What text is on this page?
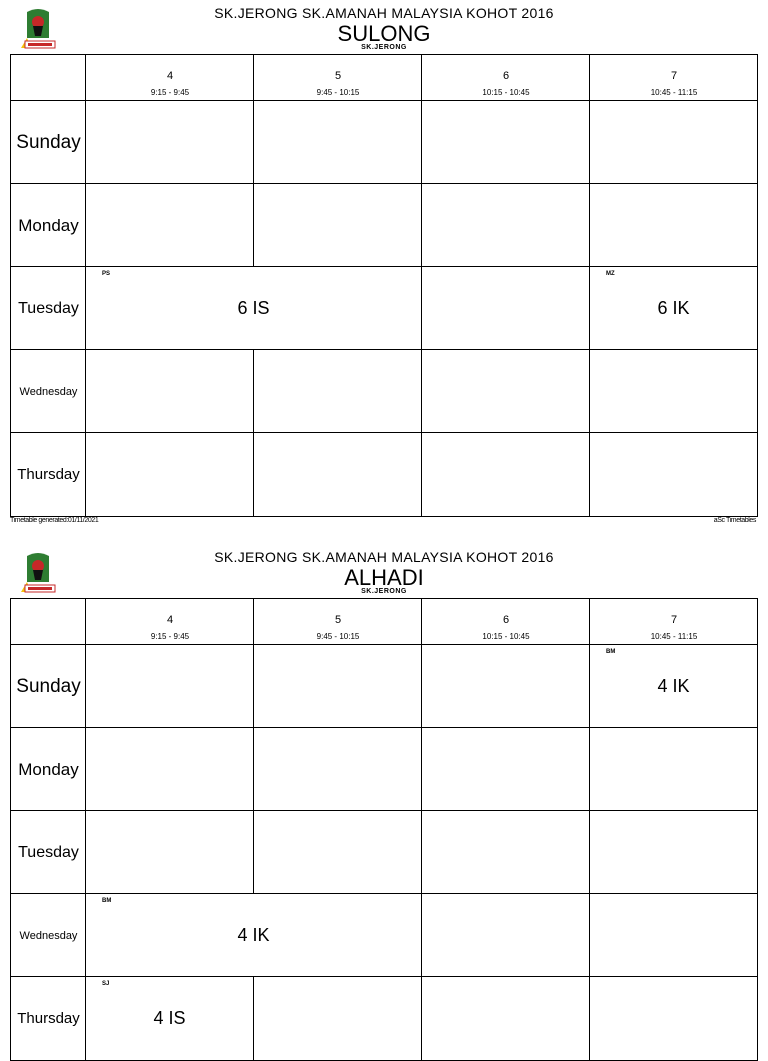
SK.JERONG SK.AMANAH MALAYSIA KOHOT 2016
SULONG
SK.JERONG
4
9:15 - 9:45
5
9:45 - 10:15
6
10:15 - 10:45
7
10:45 - 11:15
Sunday
Monday
Tuesday
Wednesday
Thursday
PS
6 IS
MZ
6 IK
Timetable generated:01/11/2021	aSc Timetables
SK.JERONG SK.AMANAH MALAYSIA KOHOT 2016
ALHADI
SK.JERONG
4
9:15 - 9:45
5
9:45 - 10:15
6
10:15 - 10:45
7
10:45 - 11:15
Sunday
Monday
Tuesday
Wednesday
Thursday
BM
4 IK
BM
4 IK
SJ
4 IS
